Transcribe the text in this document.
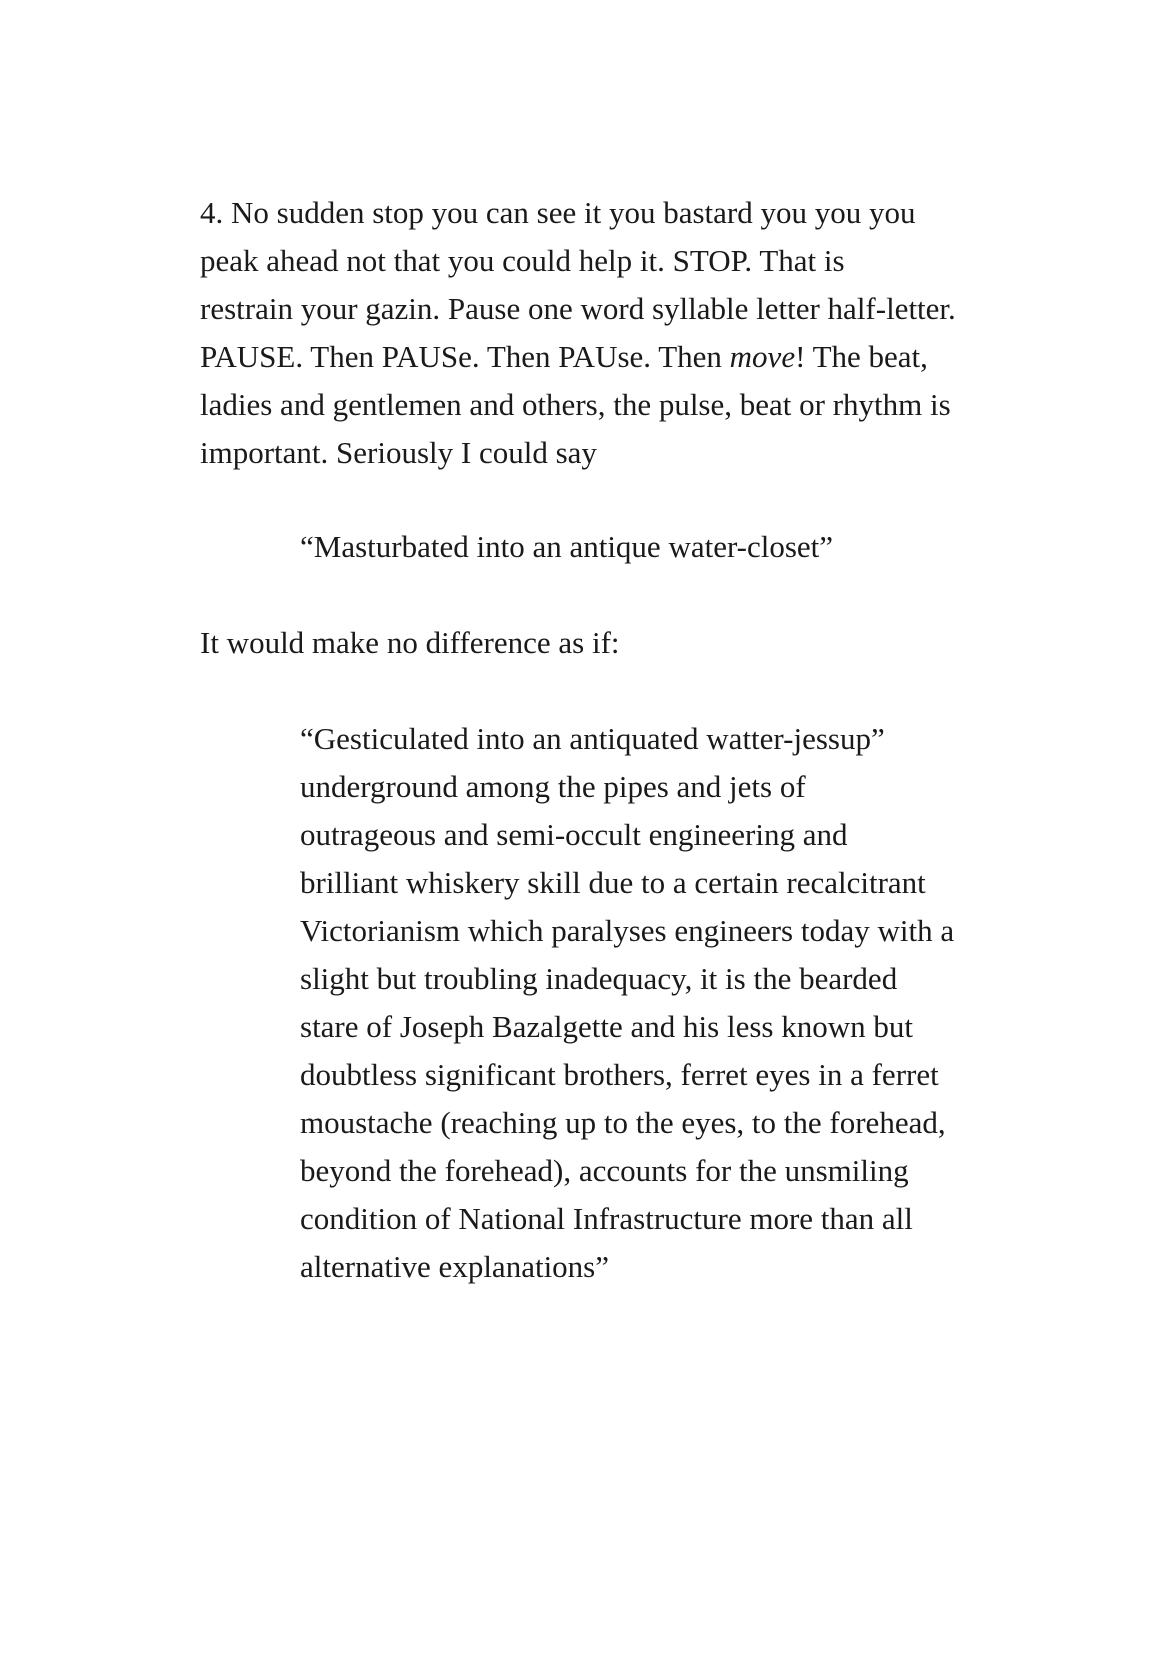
4. No sudden stop you can see it you bastard you you you

peak ahead not that you could help it. STOP. That is

restrain your gazin. Pause one word syllable letter half-letter.

PAUSE. Then PAUSe. Then PAUse. Then move! The beat,

ladies and gentlemen and others, the pulse, beat or rhythm is

important. Seriously I could say

“Masturbated into an antique water-closet”

It would make no difference as if:

“Gesticulated into an antiquated watter-jessup”

underground among the pipes and jets of

outrageous and semi-occult engineering and

brilliant whiskery skill due to a certain recalcitrant

Victorianism which paralyses engineers today with a

slight but troubling inadequacy, it is the bearded

stare of Joseph Bazalgette and his less known but

doubtless significant brothers, ferret eyes in a ferret

moustache (reaching up to the eyes, to the forehead,

beyond the forehead), accounts for the unsmiling

condition of National Infrastructure more than all

alternative explanations”
